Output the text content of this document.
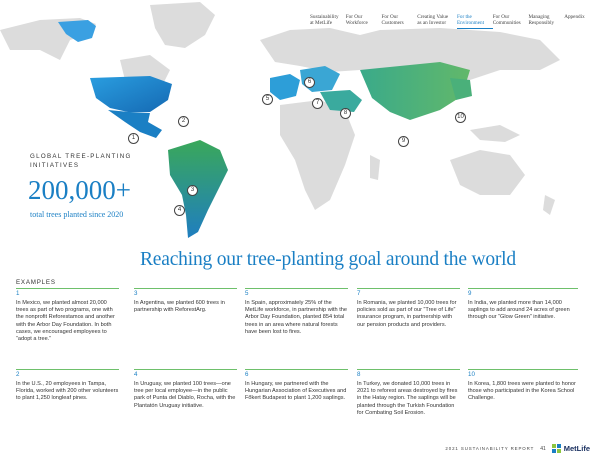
1
2
3
4
5
6
7
8
9
10
Sustainability at MetLife
For Our Workforce
For Our Customers
Creating Value as an Investor
For the Environment
For Our Communities
Managing Responsibly
Appendix
GLOBAL TREE-PLANTING INITIATIVES
200,000+
total trees planted since 2020
Reaching our tree-planting goal around the world
EXAMPLES
1
In Mexico, we planted almost 20,000 trees as part of two programs, one with the nonprofit Reforestamos and another with the Arbor Day Foundation. In both cases, we encouraged employees to “adopt a tree.”
3
In Argentina, we planted 600 trees in partnership with ReforestArg.
5
In Spain, approximately 25% of the MetLife workforce, in partnership with the Arbor Day Foundation, planted 854 total trees in an area where natural forests have been lost to fires.
7
In Romania, we planted 10,000 trees for policies sold as part of our “Tree of Life” insurance program, in partnership with our pension products and providers.
9
In India, we planted more than 14,000 saplings to add around 24 acres of green through our “Glow Green” initiative.
2
In the U.S., 20 employees in Tampa, Florida, worked with 200 other volunteers to plant 1,250 longleaf pines.
4
In Uruguay, we planted 100 trees—one tree per local employee—in the public park of Punta del Diablo, Rocha, with the Plantatón Uruguay initiative.
6
In Hungary, we partnered with the Hungarian Association of Executives and Főkert Budapest to plant 1,200 saplings.
8
In Turkey, we donated 10,000 trees in 2021 to reforest areas destroyed by fires in the Hatay region. The saplings will be planted through the Turkish Foundation for Combating Soil Erosion.
10
In Korea, 1,800 trees were planted to honor those who participated in the Korea School Challenge.
2021 SUSTAINABILITY REPORT 41 MetLife
